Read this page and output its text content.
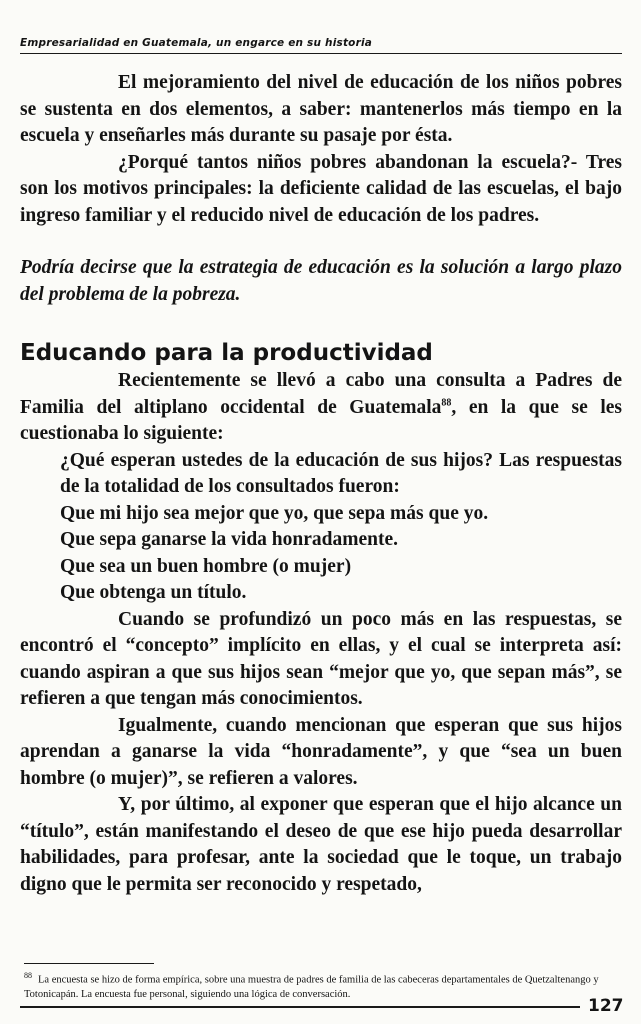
Empresarialidad en Guatemala, un engarce en su historia

El mejoramiento del nivel de educación de los niños pobres se sustenta en dos elementos, a saber: mantenerlos más tiempo en la escuela y enseñarles más durante su pasaje por ésta.

¿Porqué tantos niños pobres abandonan la escuela?- Tres son los motivos principales: la deficiente calidad de las escuelas, el bajo ingreso familiar y el reducido nivel de educación de los padres.

Podría decirse que la estrategia de educación es la solución a largo plazo del problema de la pobreza.

Educando para la productividad

Recientemente se llevó a cabo una consulta a Padres de Familia del altiplano occidental de Guatemala$^{88}$, en la que se les cuestionaba lo siguiente:

¿Qué esperan ustedes de la educación de sus hijos? Las respuestas de la totalidad de los consultados fueron:

Que mi hijo sea mejor que yo, que sepa más que yo.

Que sepa ganarse la vida honradamente.

Que sea un buen hombre (o mujer)

Que obtenga un título.

Cuando se profundizó un poco más en las respuestas, se encontró el “concepto” implícito en ellas, y el cual se interpreta así: cuando aspiran a que sus hijos sean “mejor que yo, que sepan más”, se refieren a que tengan más conocimientos.

Igualmente, cuando mencionan que esperan que sus hijos aprendan a ganarse la vida “honradamente”, y que “sea un buen hombre (o mujer)”, se refieren a valores.

Y, por último, al exponer que esperan que el hijo alcance un “título”, están manifestando el deseo de que ese hijo pueda desarrollar habilidades, para profesar, ante la sociedad que le toque, un trabajo digno que le permita ser reconocido y respetado,

$^{88}$ La encuesta se hizo de forma empírica, sobre una muestra de padres de familia de las cabeceras departamentales de Quetzaltenango y Totonicapán. La encuesta fue personal, siguiendo una lógica de conversación.
127
